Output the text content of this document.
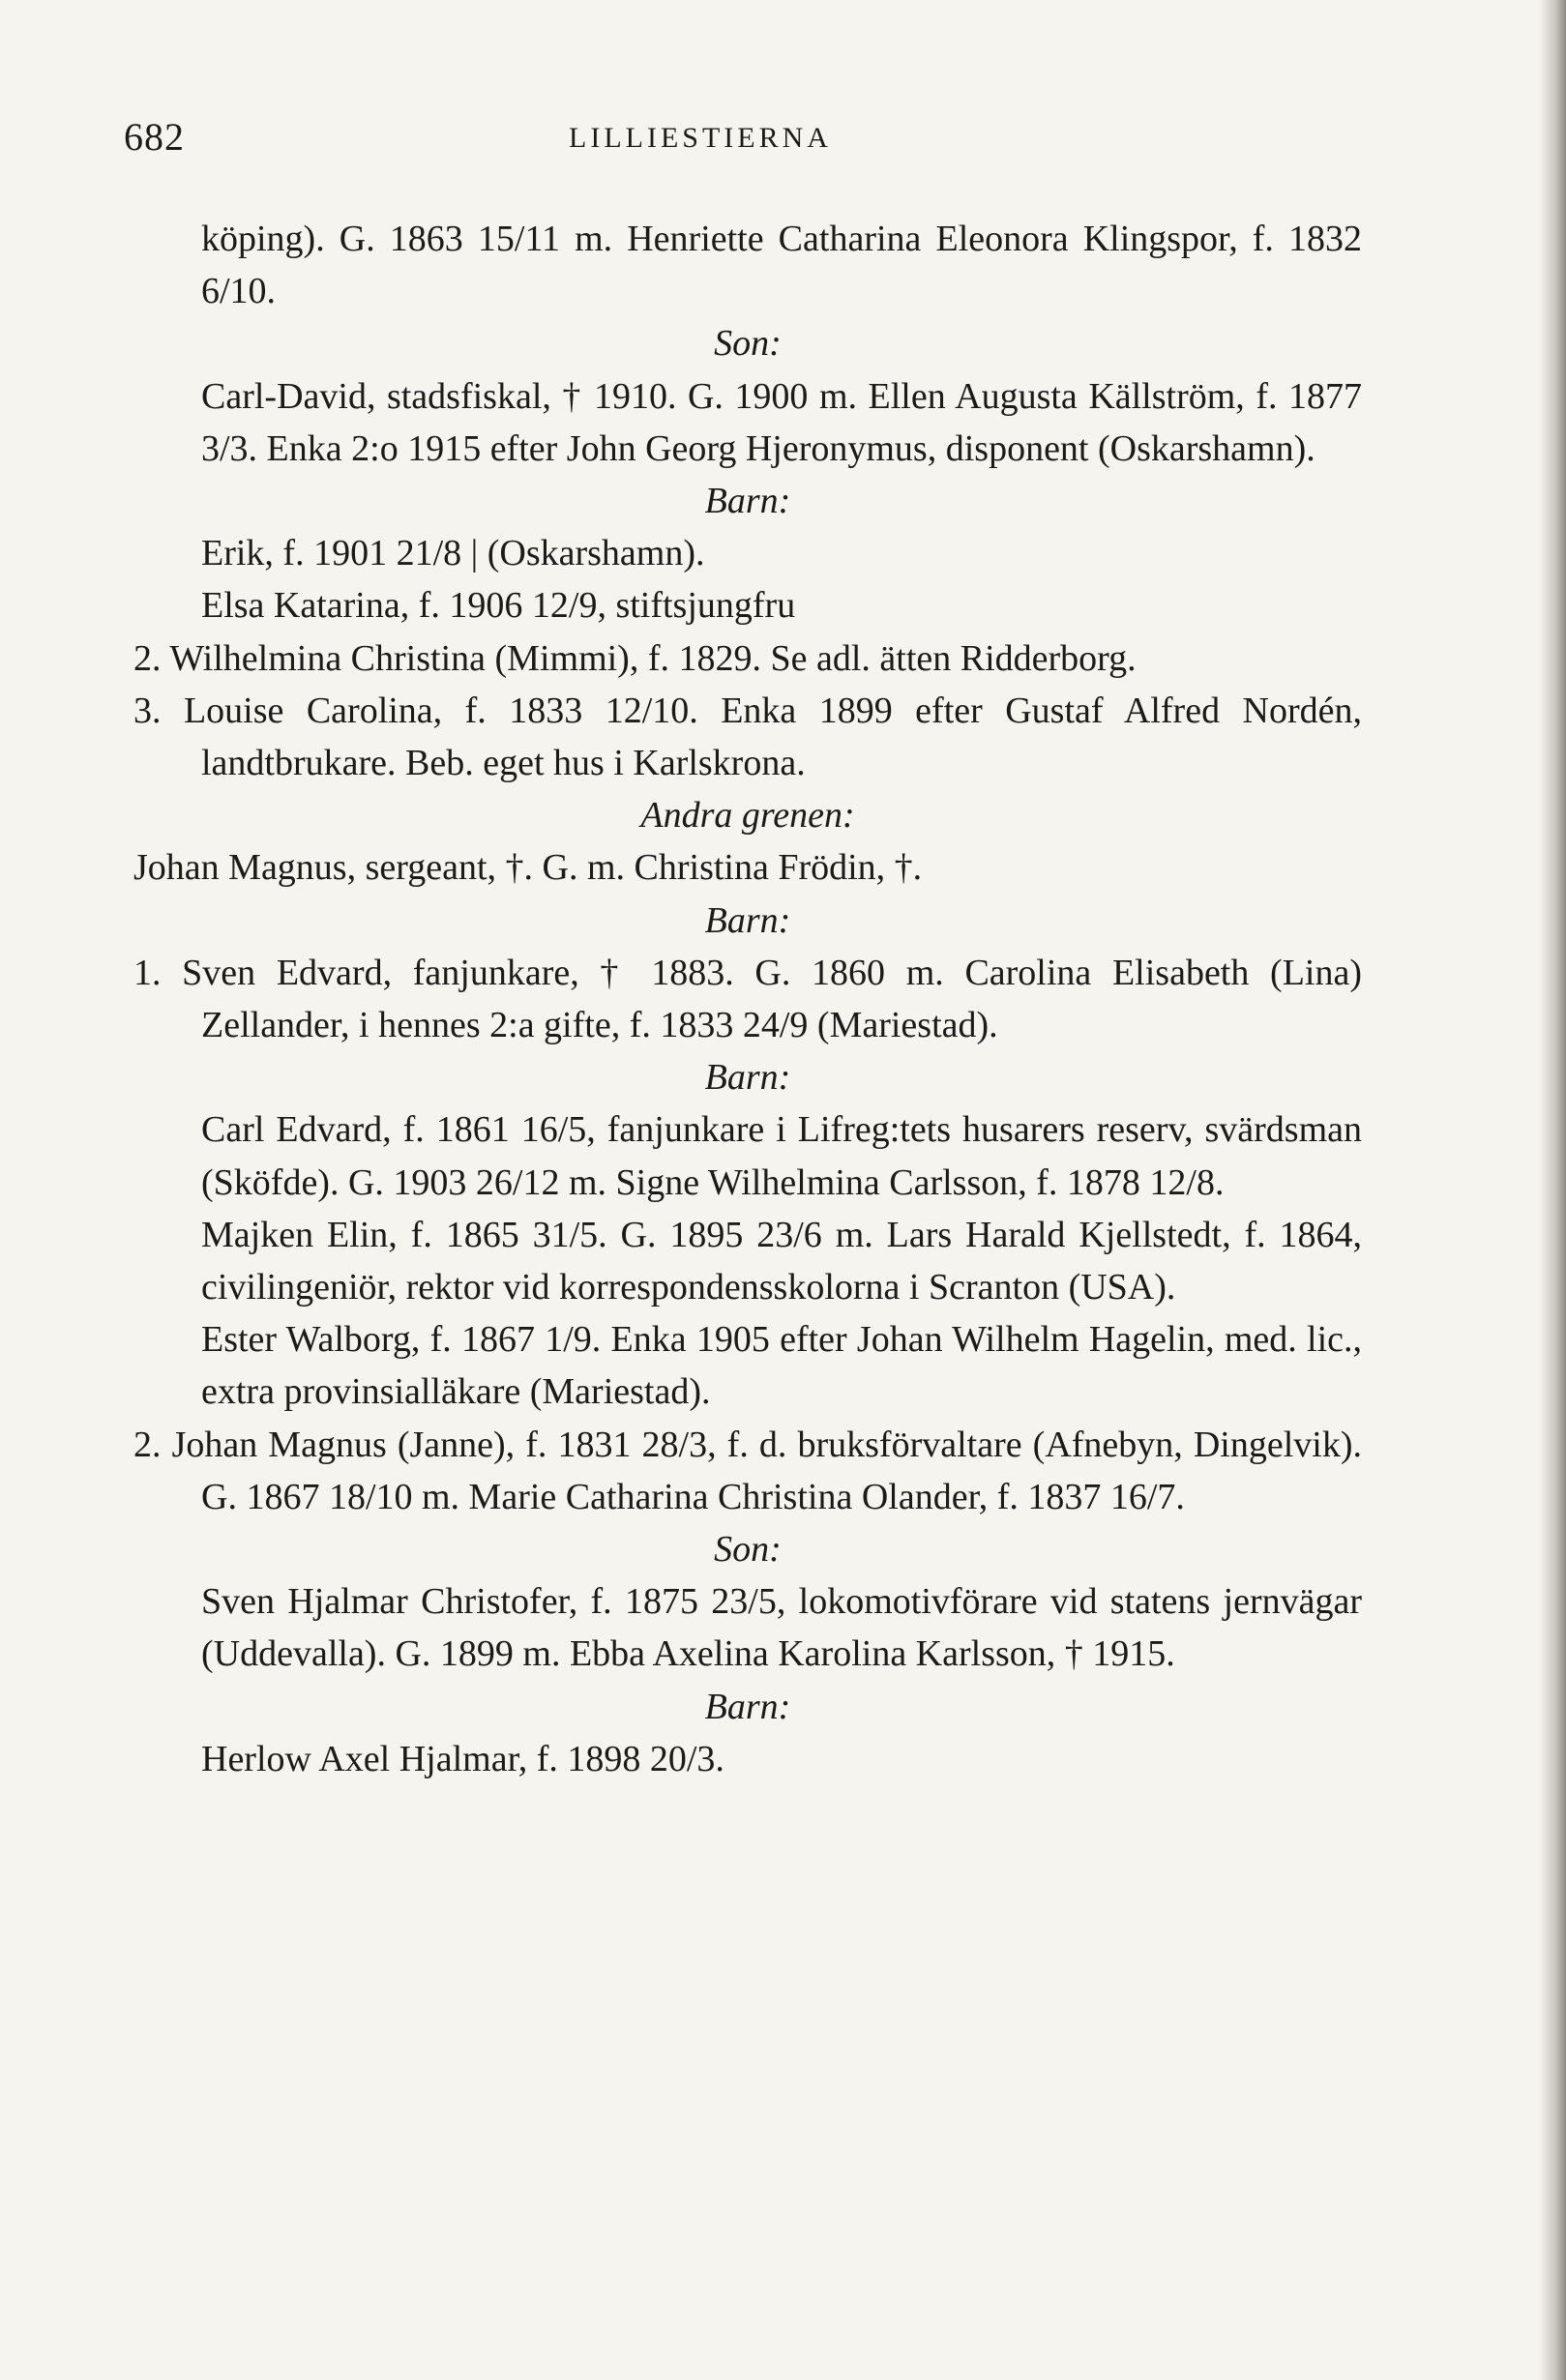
682	LILLIESTIERNA

köping). G. 1863 15/11 m. Henriette Catharina Eleonora Klingspor, f. 1832 6/10.

Son:

Carl-David, stadsfiskal, † 1910. G. 1900 m. Ellen Augusta Källström, f. 1877 3/3. Enka 2:o 1915 efter John Georg Hjeronymus, disponent (Oskarshamn).

Barn:

Erik, f. 1901 21/8 | (Oskarshamn).

Elsa Katarina, f. 1906 12/9, stiftsjungfru

2. Wilhelmina Christina (Mimmi), f. 1829. Se adl. ätten Ridderborg.

3. Louise Carolina, f. 1833 12/10. Enka 1899 efter Gustaf Alfred Nordén, landtbrukare. Beb. eget hus i Karlskrona.

Andra grenen:

Johan Magnus, sergeant, †. G. m. Christina Frödin, †.

Barn:

1. Sven Edvard, fanjunkare, † 1883. G. 1860 m. Carolina Elisabeth (Lina) Zellander, i hennes 2:a gifte, f. 1833 24/9 (Mariestad).

Barn:

Carl Edvard, f. 1861 16/5, fanjunkare i Lifreg:tets husarers reserv, svärdsman (Sköfde). G. 1903 26/12 m. Signe Wilhelmina Carlsson, f. 1878 12/8.

Majken Elin, f. 1865 31/5. G. 1895 23/6 m. Lars Harald Kjellstedt, f. 1864, civilingeniör, rektor vid korrespondensskolorna i Scranton (USA).

Ester Walborg, f. 1867 1/9. Enka 1905 efter Johan Wilhelm Hagelin, med. lic., extra provinsialläkare (Mariestad).

2. Johan Magnus (Janne), f. 1831 28/3, f. d. bruksförvaltare (Afnebyn, Dingelvik). G. 1867 18/10 m. Marie Catharina Christina Olander, f. 1837 16/7.

Son:

Sven Hjalmar Christofer, f. 1875 23/5, lokomotivförare vid statens jernvägar (Uddevalla). G. 1899 m. Ebba Axelina Karolina Karlsson, † 1915.

Barn:

Herlow Axel Hjalmar, f. 1898 20/3.
